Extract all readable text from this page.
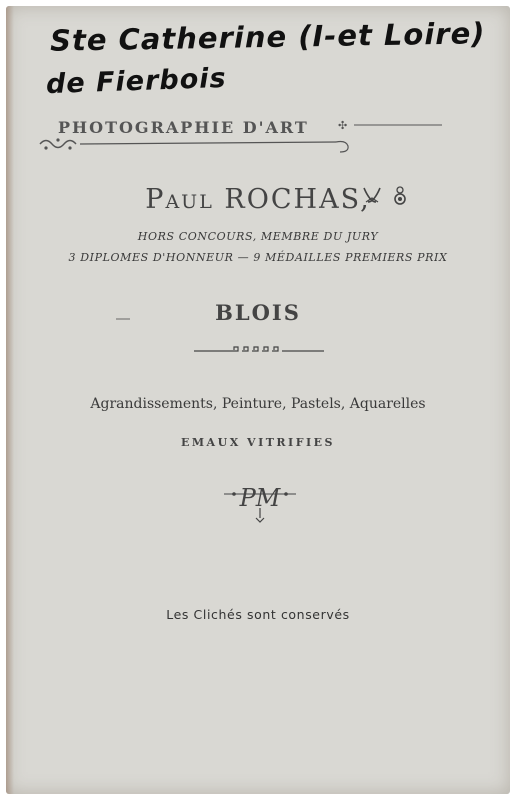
Ste Catherine (I-et Loire)
de Fierbois
PHOTOGRAPHIE D'ART	✣
Paul ROCHAS,
HORS CONCOURS, MEMBRE DU JURY
3 DIPLOMES D'HONNEUR — 9 MÉDAILLES PREMIERS PRIX
BLOIS
Agrandissements, Peinture, Pastels, Aquarelles
EMAUX VITRIFIES
PM
Les Clichés sont conservés
